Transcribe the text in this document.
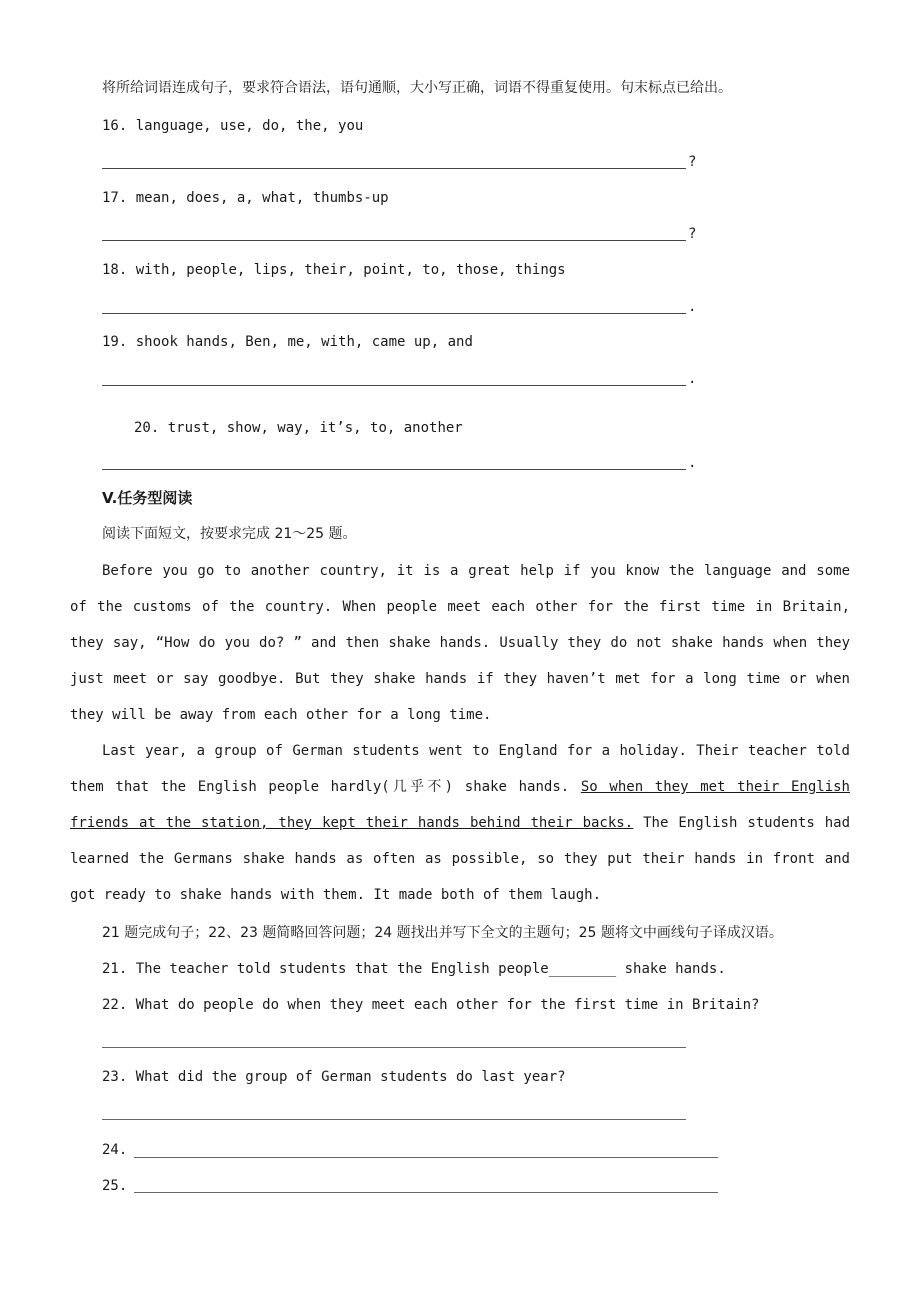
将所给词语连成句子，要求符合语法，语句通顺，大小写正确，词语不得重复使用。句末标点已给出。
16. language, use, do, the, you
?
17. mean, does, a, what, thumbs-up
?
18. with, people, lips, their, point, to, those, things
.
19. shook hands, Ben, me, with, came up, and
.
20. trust, show, way, it’s, to, another
.
V.任务型阅读
阅读下面短文，按要求完成 21～25 题。

Before you go to another country, it is a great help if you know the language and some of the customs of the country. When people meet each other for the first time in Britain, they say, “How do you do? ” and then shake hands. Usually they do not shake hands when they just meet or say goodbye. But they shake hands if they haven’t met for a long time or when they will be away from each other for a long time.

Last year, a group of German students went to England for a holiday. Their teacher told them that the English people hardly(几乎不) shake hands. So when they met their English friends at the station, they kept their hands behind their backs. The English students had learned the Germans shake hands as often as possible, so they put their hands in front and got ready to shake hands with them. It made both of them laugh.

21 题完成句子；22、23 题简略回答问题；24 题找出并写下全文的主题句；25 题将文中画线句子译成汉语。
21. The teacher told students that the English people________ shake hands.
22. What do people do when they meet each other for the first time in Britain?
23. What did the group of German students do last year?
24.
25.
